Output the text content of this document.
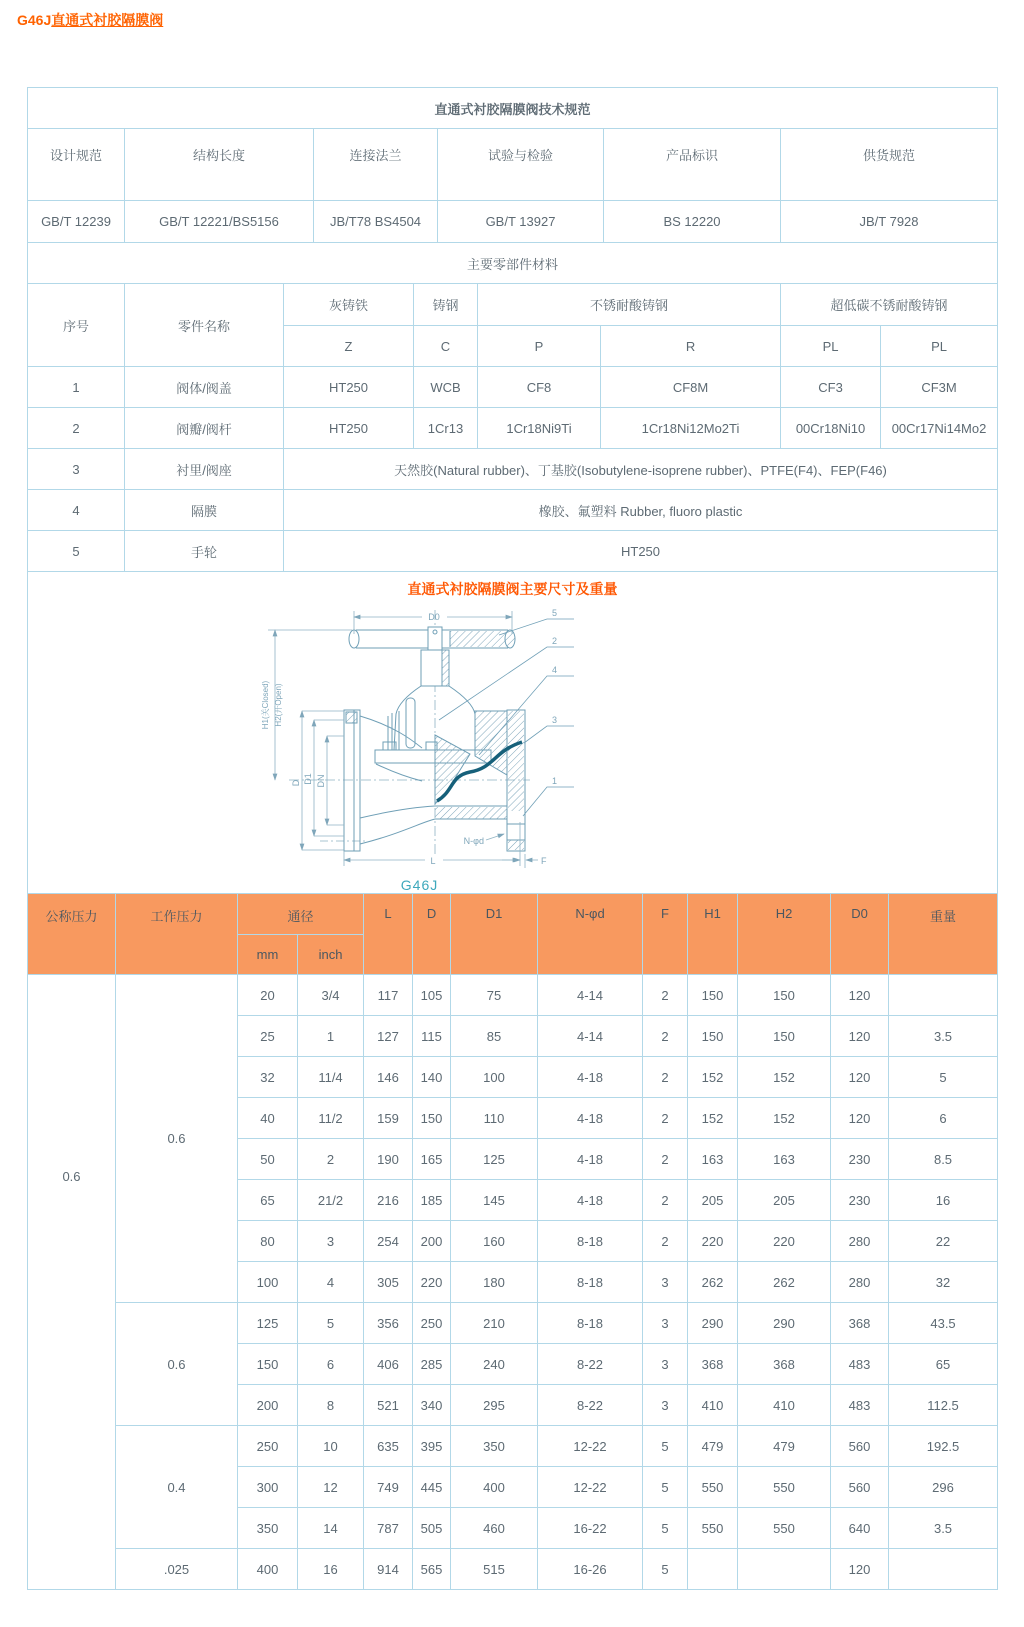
G46J直通式衬胶隔膜阀
直通式衬胶隔膜阀技术规范					
设计规范	结构长度	连接法兰	试验与检验	产品标识	供货规范
GB/T 12239	GB/T 12221/BS5156	JB/T78 BS4504	GB/T 13927	BS 12220	JB/T 7928
主要零部件材料					
序号	零件名称	灰铸铁	铸钢	不锈耐酸铸钢		超低碳不锈耐酸铸钢	
		Z	C	P	R	PL	PL
1	阀体/阀盖	HT250	WCB	CF8	CF8M	CF3	CF3M
2	阀瓣/阀杆	HT250	1Cr13	1Cr18Ni9Ti	1Cr18Ni12Mo2Ti	00Cr18Ni10	00Cr17Ni14Mo2
3	衬里/阀座	天然胶(Natural rubber)、丁基胶(Isobutylene-isoprene rubber)、PTFE(F4)、FEP(F46)					
4	隔膜	橡胶、氟塑料 Rubber, fluoro plastic					
5	手轮	HT250					
直通式衬胶隔膜阀主要尺寸及重量
D0
H1(关Closed) H2(开Open)
D D1 DN
N-φd
L	F
5
2
4
3
1
G46J
公称压力	工作压力	通径		L	D	D1	N-φd	F	H1	H2	D0	重量
		mm	inch									
0.6	0.6	20	3/4	117	105	75	4-14	2	150	150	120	
		25	1	127	115	85	4-14	2	150	150	120	3.5
		32	11/4	146	140	100	4-18	2	152	152	120	5
		40	11/2	159	150	110	4-18	2	152	152	120	6
		50	2	190	165	125	4-18	2	163	163	230	8.5
		65	21/2	216	185	145	4-18	2	205	205	230	16
		80	3	254	200	160	8-18	2	220	220	280	22
		100	4	305	220	180	8-18	3	262	262	280	32
	0.6	125	5	356	250	210	8-18	3	290	290	368	43.5
		150	6	406	285	240	8-22	3	368	368	483	65
		200	8	521	340	295	8-22	3	410	410	483	112.5
	0.4	250	10	635	395	350	12-22	5	479	479	560	192.5
		300	12	749	445	400	12-22	5	550	550	560	296
		350	14	787	505	460	16-22	5	550	550	640	3.5
	.025	400	16	914	565	515	16-26	5			120	
